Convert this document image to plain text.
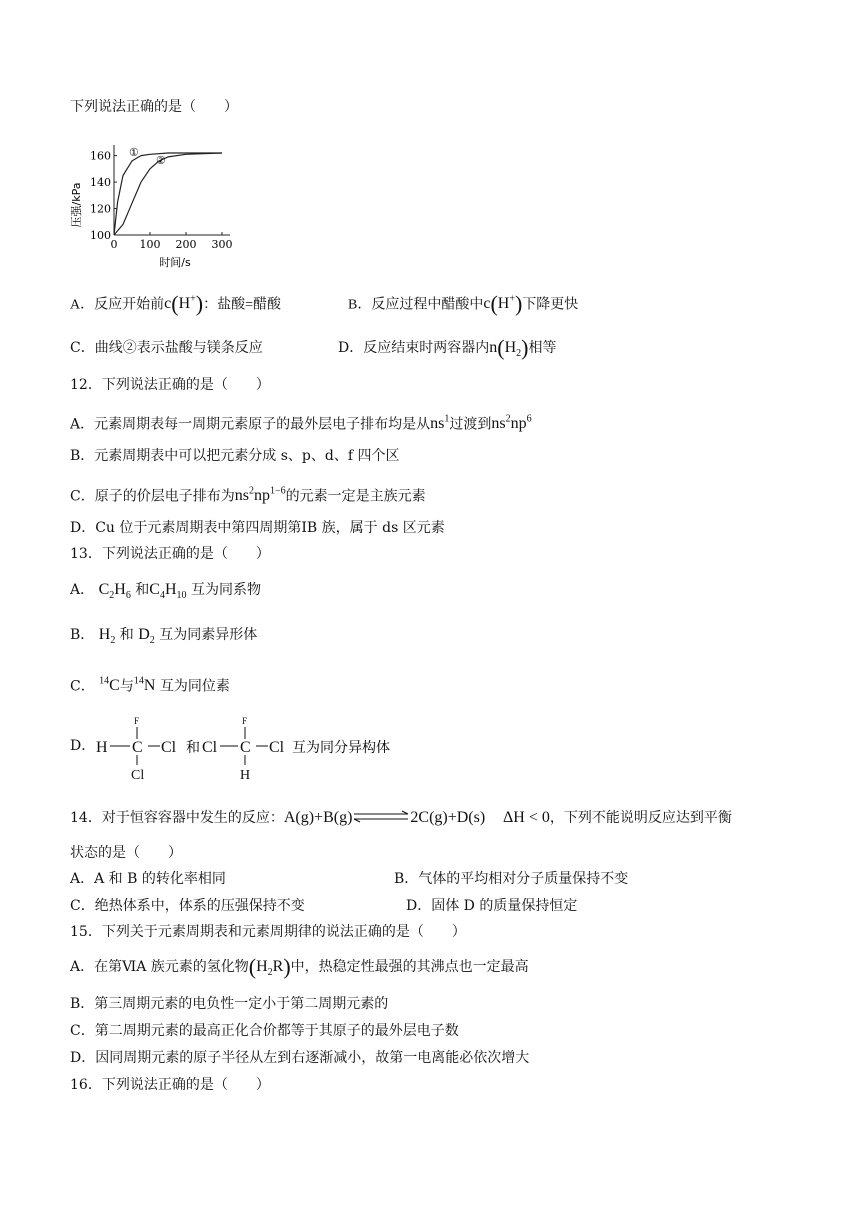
下列说法正确的是（　　）
压强/kPa
100
120
140
160
0 100 200 300
①
②
时间/s
A．反应开始前c(H+)：盐酸=醋酸	B．反应过程中醋酸中c(H+)下降更快
C．曲线②表示盐酸与镁条反应	D．反应结束时两容器内$n(H_2)$相等
12．下列说法正确的是（　　）
A．元素周期表每一周期元素原子的最外层电子排布均是从$ns^1$过渡到$ns^2np^6$
B．元素周期表中可以把元素分成 s、p、d、f 四个区
C．原子的价层电子排布为$ns^2np^{1-6}$的元素一定是主族元素
D．Cu 位于元素周期表中第四周期第ⅠB 族，属于 ds 区元素
13．下列说法正确的是（　　）
A． $C_2H_6$ 和$C_4H_{10}$ 互为同系物
B． $H_2$ 和 $D_2$ 互为同素异形体
C． $^{14}$C与$^{14}$N 互为同位素
D． H C
F
Cl
Cl 和 Cl C
F
H
Cl 互为同分异构体
14．对于恒容容器中发生的反应：A(g)+B(g)	2C(g)+D(s) ΔH < 0，下列不能说明反应达到平衡
状态的是（　　）
A．A 和 B 的转化率相同	B．气体的平均相对分子质量保持不变
C．绝热体系中，体系的压强保持不变	D．固体 D 的质量保持恒定
15．下列关于元素周期表和元素周期律的说法正确的是（　　）
A．在第ⅥA 族元素的氢化物$(H_2R)$中，热稳定性最强的其沸点也一定最高
B．第三周期元素的电负性一定小于第二周期元素的
C．第二周期元素的最高正化合价都等于其原子的最外层电子数
D．因同周期元素的原子半径从左到右逐渐减小，故第一电离能必依次增大
16．下列说法正确的是（　　）
